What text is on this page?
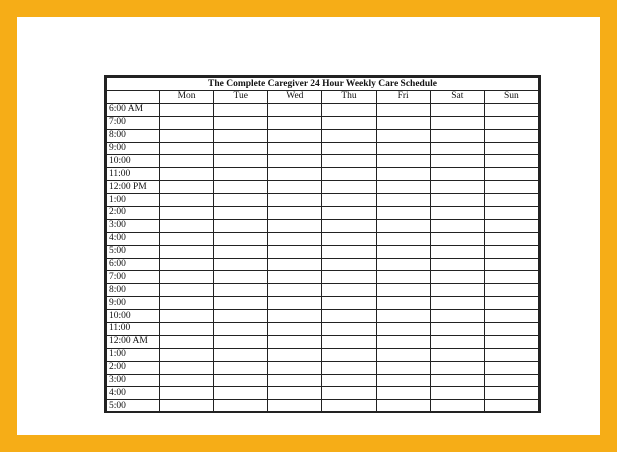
The Complete Caregiver 24 Hour Weekly Care Schedule							
	Mon	Tue	Wed	Thu	Fri	Sat	Sun
6:00 AM							
7:00							
8:00							
9:00							
10:00							
11:00							
12:00 PM							
1:00							
2:00							
3:00							
4:00							
5:00							
6:00							
7:00							
8:00							
9:00							
10:00							
11:00							
12:00 AM							
1:00							
2:00							
3:00							
4:00							
5:00							
